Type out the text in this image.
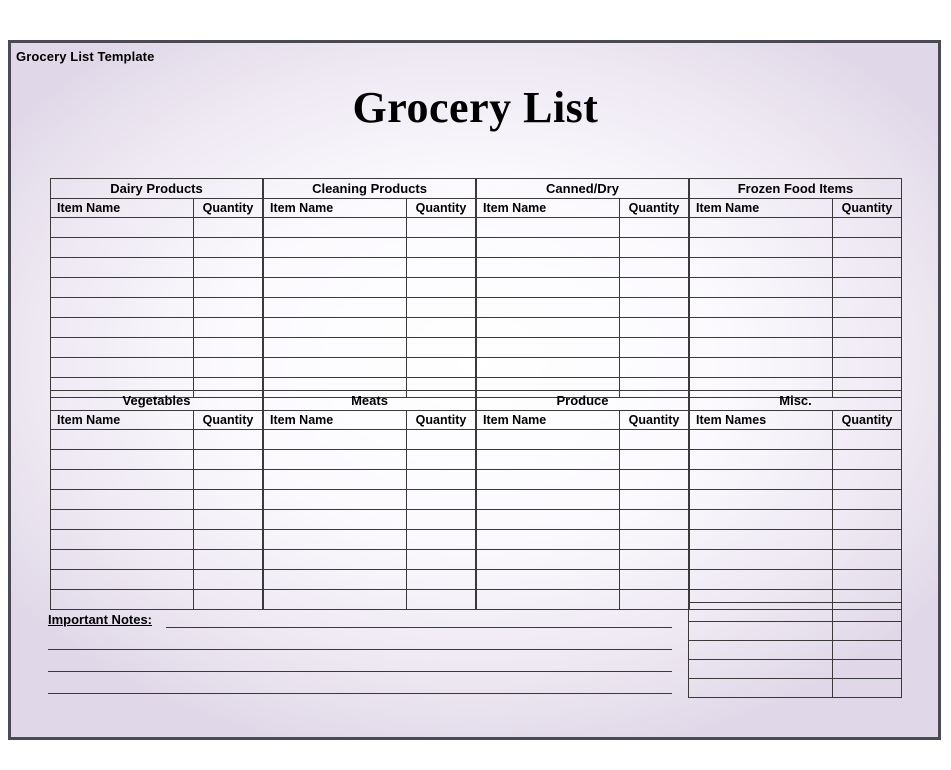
Grocery List Template
Grocery List
Dairy Products	
Item Name	Quantity

Cleaning Products	
Item Name	Quantity

Canned/Dry	
Item Name	Quantity

Frozen Food Items	
Item Name	Quantity

Vegetables	
Item Name	Quantity

Meats	
Item Name	Quantity

Produce	
Item Name	Quantity

Misc.	
Item Names	Quantity

Important Notes:
